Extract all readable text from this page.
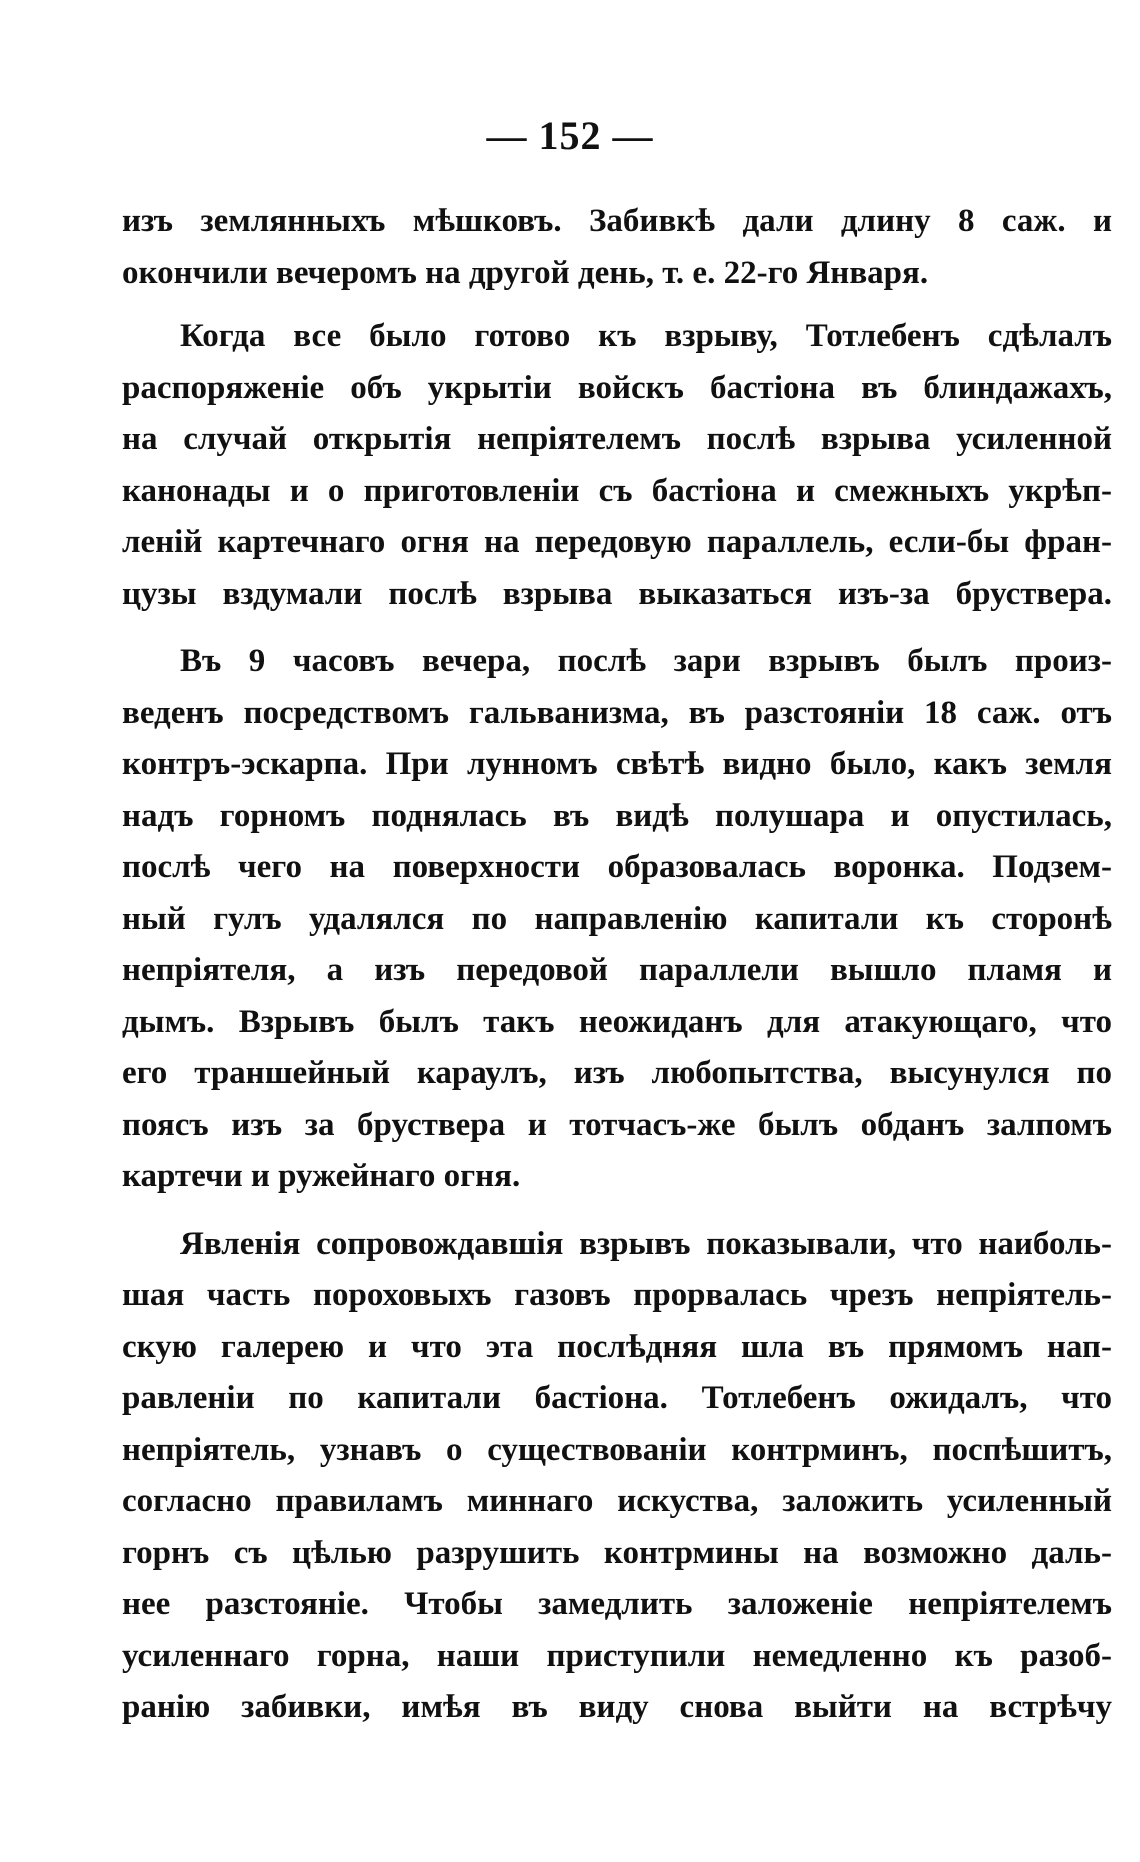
— 152 —
изъ землянныхъ мѣшковъ. Забивкѣ дали длину 8 саж. и
окончили вечеромъ на другой день, т. е. 22-го Января.
Когда все было готово къ взрыву, Тотлебенъ сдѣлалъ
распоряженіе объ укрытіи войскъ бастіона въ блиндажахъ,
на случай открытія непріятелемъ послѣ взрыва усиленной
канонады и о приготовленіи съ бастіона и смежныхъ укрѣп-
леній картечнаго огня на передовую параллель, если-бы фран-
цузы вздумали послѣ взрыва выказаться изъ-за бруствера.
Въ 9 часовъ вечера, послѣ зари взрывъ былъ произ-
веденъ посредствомъ гальванизма, въ разстояніи 18 саж. отъ
контръ-эскарпа. При лунномъ свѣтѣ видно было, какъ земля
надъ горномъ поднялась въ видѣ полушара и опустилась,
послѣ чего на поверхности образовалась воронка. Подзем-
ный гулъ удалялся по направленію капитали къ сторонѣ
непріятеля, а изъ передовой параллели вышло пламя и
дымъ. Взрывъ былъ такъ неожиданъ для атакующаго, что
его траншейный караулъ, изъ любопытства, высунулся по
поясъ изъ за бруствера и тотчасъ-же былъ обданъ залпомъ
картечи и ружейнаго огня.
Явленія сопровождавшія взрывъ показывали, что наиболь-
шая часть пороховыхъ газовъ прорвалась чрезъ непріятель-
скую галерею и что эта послѣдняя шла въ прямомъ нап-
равленіи по капитали бастіона. Тотлебенъ ожидалъ, что
непріятель, узнавъ о существованіи контрминъ, поспѣшитъ,
согласно правиламъ миннаго искуства, заложить усиленный
горнъ съ цѣлью разрушить контрмины на возможно даль-
нее разстояніе. Чтобы замедлить заложеніе непріятелемъ
усиленнаго горна, наши приступили немедленно къ разоб-
ранію забивки, имѣя въ виду снова выйти на встрѣчу
